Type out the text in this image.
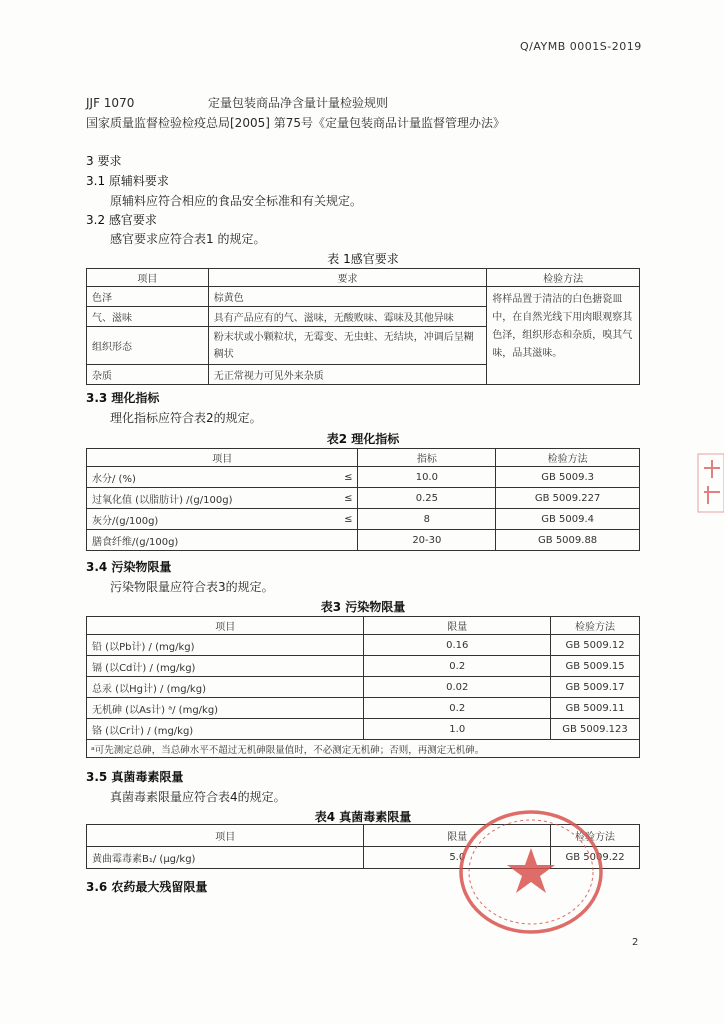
Q/AYMB 0001S-2019
JJF 1070	定量包装商品净含量计量检验规则
国家质量监督检验检疫总局[2005] 第75号《定量包装商品计量监督管理办法》
3 要求
3.1 原辅料要求
原辅料应符合相应的食品安全标准和有关规定。
3.2 感官要求
感官要求应符合表1 的规定。
表 1感官要求
项目	要求	检验方法
色泽	棕黄色	将样品置于清洁的白色搪瓷皿中，在自然光线下用肉眼观察其色泽，组织形态和杂质，嗅其气味，品其滋味。
气、滋味	具有产品应有的气、滋味，无酸败味、霉味及其他异味	
组织形态	粉末状或小颗粒状，无霉变、无虫蛀、无结块，冲调后呈糊稠状	
杂质	无正常视力可见外来杂质	
3.3 理化指标
理化指标应符合表2的规定。
表2 理化指标
项目		指标	检验方法
水分/ (%)	≤	10.0	GB 5009.3
过氧化值 (以脂肪计) /(g/100g)	≤	0.25	GB 5009.227
灰分/(g/100g)	≤	8	GB 5009.4
膳食纤维/(g/100g)		20-30	GB 5009.88
3.4 污染物限量
污染物限量应符合表3的规定。
表3 污染物限量
项目	限量	检验方法
铅 (以Pb计) / (mg/kg)	0.16	GB 5009.12
镉 (以Cd计) / (mg/kg)	0.2	GB 5009.15
总汞 (以Hg计) / (mg/kg)	0.02	GB 5009.17
无机砷 (以As计) ᵃ/ (mg/kg)	0.2	GB 5009.11
铬 (以Cr计) / (mg/kg)	1.0	GB 5009.123
ᵃ可先测定总砷，当总砷水平不超过无机砷限量值时，不必测定无机砷；否则，再测定无机砷。		
3.5 真菌毒素限量
真菌毒素限量应符合表4的规定。
表4 真菌毒素限量
项目	限量	检验方法
黄曲霉毒素B₁/ (μg/kg)	5.0	GB 5009.22
3.6 农药最大残留限量
2
